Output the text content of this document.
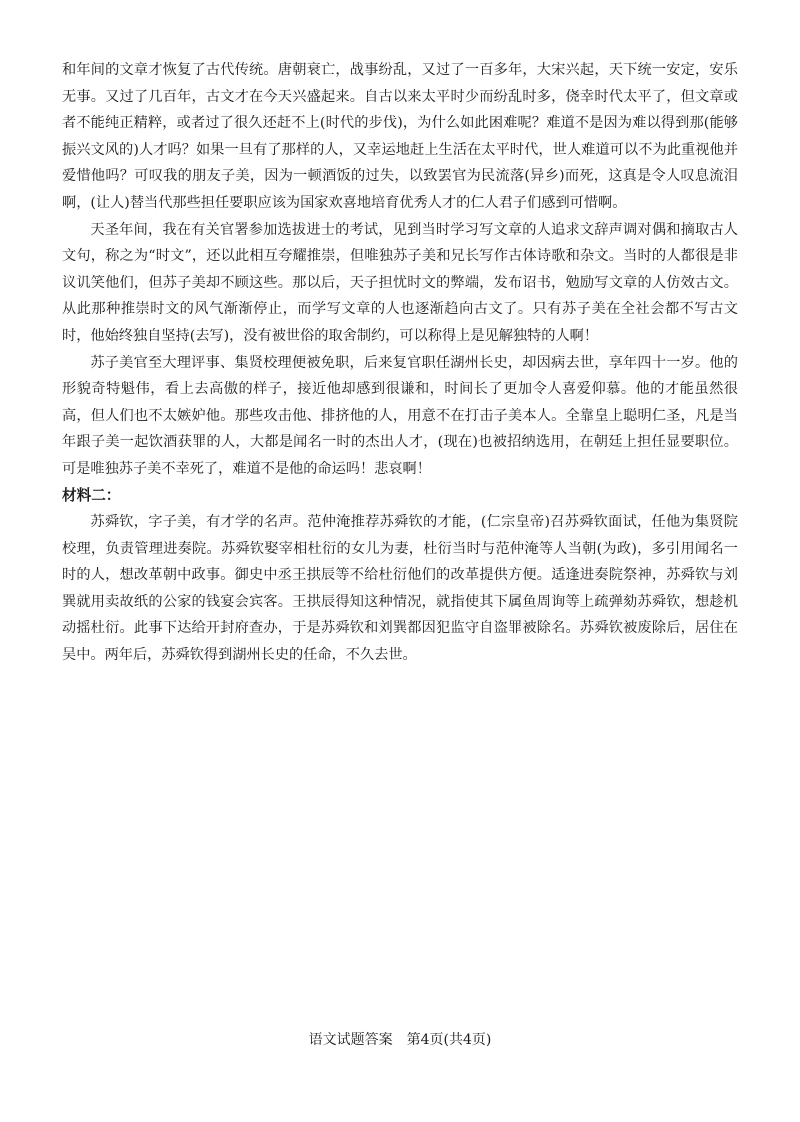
和年间的文章才恢复了古代传统。唐朝衰亡，战事纷乱，又过了一百多年，大宋兴起，天下统一安定，安乐无事。又过了几百年，古文才在今天兴盛起来。自古以来太平时少而纷乱时多，侥幸时代太平了，但文章或者不能纯正精粹，或者过了很久还赶不上(时代的步伐)，为什么如此困难呢？难道不是因为难以得到那(能够振兴文风的)人才吗？如果一旦有了那样的人，又幸运地赶上生活在太平时代，世人难道可以不为此重视他并爱惜他吗？可叹我的朋友子美，因为一顿酒饭的过失，以致罢官为民流落(异乡)而死，这真是令人叹息流泪啊，(让人)替当代那些担任要职应该为国家欢喜地培育优秀人才的仁人君子们感到可惜啊。

天圣年间，我在有关官署参加选拔进士的考试，见到当时学习写文章的人追求文辞声调对偶和摘取古人文句，称之为“时文”，还以此相互夸耀推崇，但唯独苏子美和兄长写作古体诗歌和杂文。当时的人都很是非议讥笑他们，但苏子美却不顾这些。那以后，天子担忧时文的弊端，发布诏书，勉励写文章的人仿效古文。从此那种推崇时文的风气渐渐停止，而学写文章的人也逐渐趋向古文了。只有苏子美在全社会都不写古文时，他始终独自坚持(去写)，没有被世俗的取舍制约，可以称得上是见解独特的人啊！

苏子美官至大理评事、集贤校理便被免职，后来复官职任湖州长史，却因病去世，享年四十一岁。他的形貌奇特魁伟，看上去高傲的样子，接近他却感到很谦和，时间长了更加令人喜爱仰慕。他的才能虽然很高，但人们也不太嫉妒他。那些攻击他、排挤他的人，用意不在打击子美本人。全靠皇上聪明仁圣，凡是当年跟子美一起饮酒获罪的人，大都是闻名一时的杰出人才，(现在)也被招纳选用，在朝廷上担任显要职位。可是唯独苏子美不幸死了，难道不是他的命运吗！悲哀啊！

材料二：

苏舜钦，字子美，有才学的名声。范仲淹推荐苏舜钦的才能，(仁宗皇帝)召苏舜钦面试，任他为集贤院校理，负责管理进奏院。苏舜钦娶宰相杜衍的女儿为妻，杜衍当时与范仲淹等人当朝(为政)，多引用闻名一时的人，想改革朝中政事。御史中丞王拱辰等不给杜衍他们的改革提供方便。适逢进奏院祭神，苏舜钦与刘巽就用卖故纸的公家的钱宴会宾客。王拱辰得知这种情况，就指使其下属鱼周询等上疏弹劾苏舜钦，想趁机动摇杜衍。此事下达给开封府查办，于是苏舜钦和刘巽都因犯监守自盗罪被除名。苏舜钦被废除后，居住在吴中。两年后，苏舜钦得到湖州长史的任命，不久去世。

语文试题答案　第4页(共4页)
